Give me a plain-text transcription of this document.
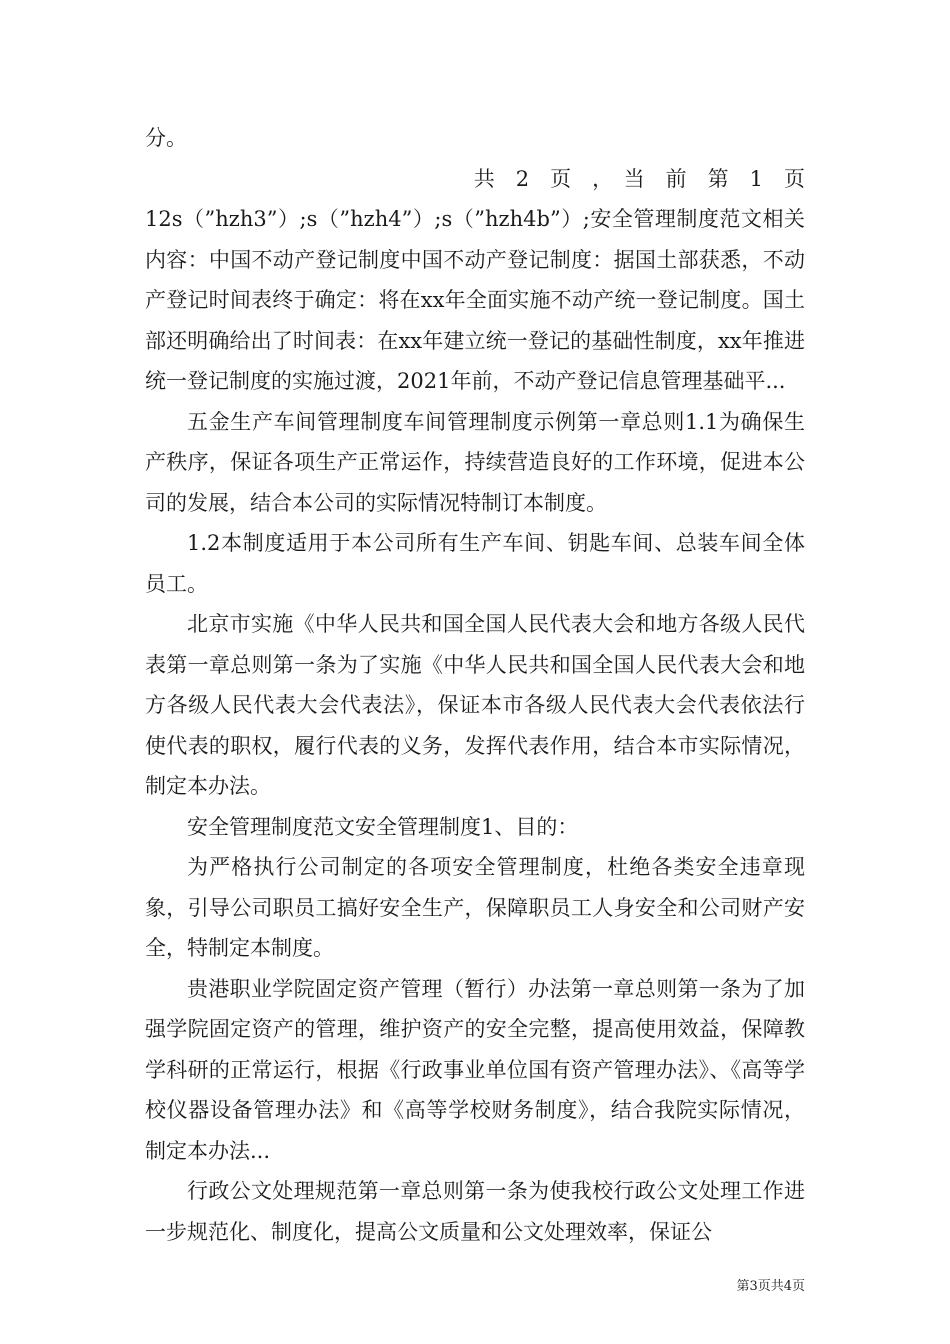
分。

共　2　页　，　当　前　第　1　页

12s（”hzh3”）;s（”hzh4”）;s（”hzh4b”）;安全管理制度范文相关内容：中国不动产登记制度中国不动产登记制度：据国土部获悉，不动产登记时间表终于确定：将在xx年全面实施不动产统一登记制度。国土部还明确给出了时间表：在xx年建立统一登记的基础性制度，xx年推进统一登记制度的实施过渡，2021年前，不动产登记信息管理基础平...

五金生产车间管理制度车间管理制度示例第一章总则1.1为确保生产秩序，保证各项生产正常运作，持续营造良好的工作环境，促进本公司的发展，结合本公司的实际情况特制订本制度。

1.2本制度适用于本公司所有生产车间、钥匙车间、总装车间全体员工。

北京市实施《中华人民共和国全国人民代表大会和地方各级人民代表第一章总则第一条为了实施《中华人民共和国全国人民代表大会和地方各级人民代表大会代表法》，保证本市各级人民代表大会代表依法行使代表的职权，履行代表的义务，发挥代表作用，结合本市实际情况，制定本办法。

安全管理制度范文安全管理制度1、目的：

为严格执行公司制定的各项安全管理制度，杜绝各类安全违章现象，引导公司职员工搞好安全生产，保障职员工人身安全和公司财产安全，特制定本制度。

贵港职业学院固定资产管理（暂行）办法第一章总则第一条为了加强学院固定资产的管理，维护资产的安全完整，提高使用效益，保障教学科研的正常运行，根据《行政事业单位国有资产管理办法》、《高等学校仪器设备管理办法》和《高等学校财务制度》，结合我院实际情况，制定本办法...

行政公文处理规范第一章总则第一条为使我校行政公文处理工作进一步规范化、制度化，提高公文质量和公文处理效率，保证公

第3页共4页
